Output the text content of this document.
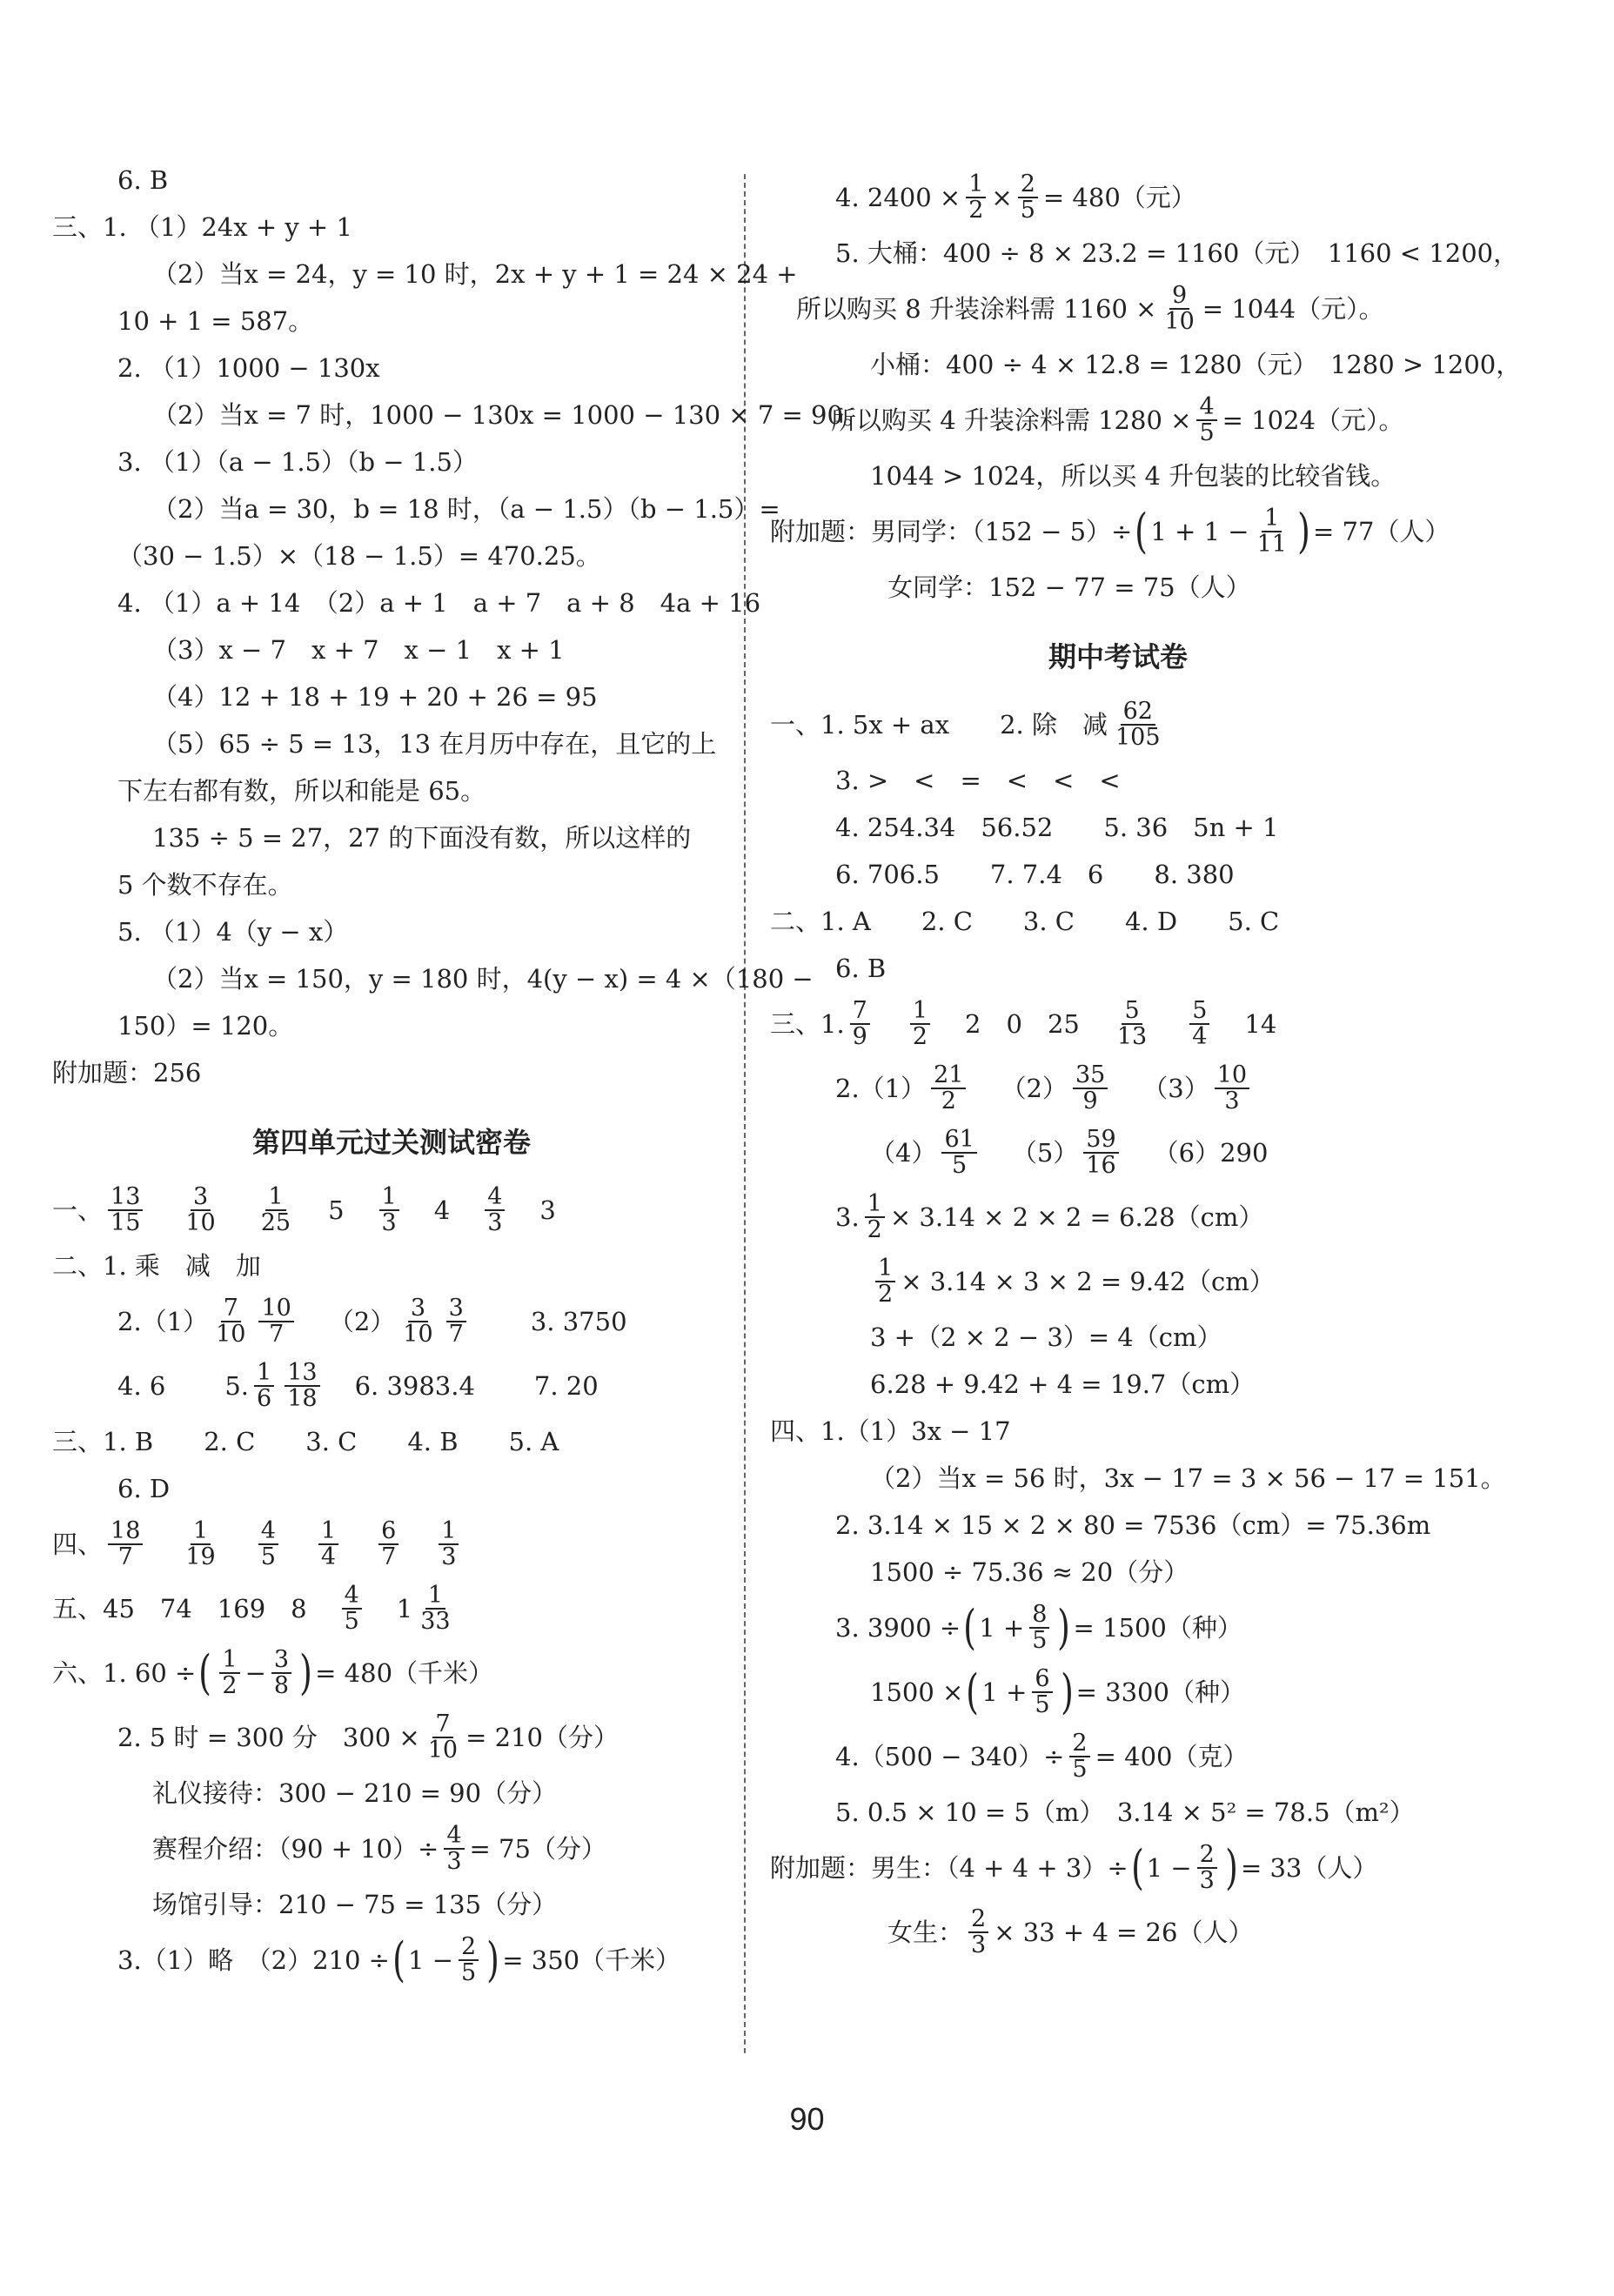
6. B
三、1. （1）24x + y + 1
（2）当x = 24，y = 10 时，2x + y + 1 = 24 × 24 +
10 + 1 = 587。
2. （1）1000 − 130x
（2）当x = 7 时，1000 − 130x = 1000 − 130 × 7 = 90。
3. （1）（a − 1.5）（b − 1.5）
（2）当a = 30，b = 18 时，（a − 1.5）（b − 1.5）=
（30 − 1.5）×（18 − 1.5）= 470.25。
4. （1）a + 14　（2）a + 1　a + 7　a + 8　4a + 16
（3）x − 7　x + 7　x − 1　x + 1
（4）12 + 18 + 19 + 20 + 26 = 95
（5）65 ÷ 5 = 13，13 在月历中存在，且它的上
下左右都有数，所以和能是 65。
135 ÷ 5 = 27，27 的下面没有数，所以这样的
5 个数不存在。
5. （1）4（y − x）
（2）当x = 150，y = 180 时，4(y − x) = 4 ×（180 −
150）= 120。
附加题：256
第四单元过关测试密卷
一、 $\frac{13}{15} \frac{3}{10} \frac{1}{25} 5 \frac{1}{3} 4 \frac{4}{3} 3$
二、1. 乘　减　加
$2.(1) \frac{7}{10} \frac{10}{7} (2) \frac{3}{10} \frac{3}{7}$	3. 3750
4. 6 5. $\frac{1}{6} \frac{13}{18} 6$. 3983.4 7. 20
三、1. B　　2. C　　3. C　　4. B　　5. A
6. D
四、 $\frac{18}{7} \frac{1}{19} \frac{4}{5} \frac{1}{4} \frac{6}{7} \frac{1}{3}$
五、45　74　169　$8 \frac{4}{5} 1 \frac{1}{33}$
六、1. 60 ÷ ( $\frac{1}{2} - \frac{3}{8}$ ) = 480（千米）
2. 5 时 = 300 分　$300 \times \frac{7}{10} = 210$（分）
礼仪接待：300 − 210 = 90（分）
赛程介绍：$(90 + 10)\div \frac{4}{3} = 75$（分）
场馆引导：210 − 75 = 135（分）
3.（1）略　（2）210 ÷ ( $1 - \frac{2}{5}$ ) = 350（千米）
4. $2400 \times \frac{1}{2} \times \frac{2}{5} = 480$（元）
5. 大桶：400 ÷ 8 × 23.2 = 1160（元）　1160 < 1200，
所以购买 8 升装涂料需 $1160 \times \frac{9}{10} = 1044$（元）。
小桶：400 ÷ 4 × 12.8 = 1280（元）　1280 > 1200，
所以购买 4 升装涂料需 $1280 \times \frac{4}{5} = 1024$（元）。
1044 > 1024，所以买 4 升包装的比较省钱。
附加题：男同学：（152 − 5）÷ ( $1 + 1 - \frac{1}{11}$ ) = 77（人）
女同学：152 − 77 = 75（人）
期中考试卷
一、1. 5x + ax　　2. 除　减 $\frac{62}{105}$
3. >　<　=　<　<　<
4. 254.34　56.52　　5. 36　5n + 1
6. 706.5　　7. 7.4　6　　8. 380
二、1. A　　2. C　　3. C　　4. D　　5. C
6. B
三、1. $\frac{7}{9} \frac{1}{2} 2$　0　$25 \frac{5}{13} \frac{5}{4} 14$
$2.(1) \frac{21}{2} (2) \frac{35}{9} (3) \frac{10}{3}$
$(4) \frac{61}{5} (5) \frac{59}{16} (6)290$
3. $\frac{1}{2} \times 3.14 \times 2 \times 2 = 6.28(cm)$
$\frac{1}{2} \times 3.14 \times 3 \times 2 = 9.42(cm)$
3 +（2 × 2 − 3）= 4（cm）
6.28 + 9.42 + 4 = 19.7（cm）
四、1.（1）3x − 17
（2）当x = 56 时，3x − 17 = 3 × 56 − 17 = 151。
2. 3.14 × 15 × 2 × 80 = 7536（cm）= 75.36m
1500 ÷ 75.36 ≈ 20（分）
3. 3900 ÷ ( $1 + \frac{8}{5}$ ) = 1500（种）
1500 × ( $1 + \frac{6}{5}$ ) = 3300（种）
$4.(500 - 340)\div \frac{2}{5} = 400$（克）
5. 0.5 × 10 = 5（m）　3.14 × 5² = 78.5（m²）
附加题：男生：（4 + 4 + 3）÷ ( $1 - \frac{2}{3}$ ) = 33（人）
女生： $\frac{2}{3} \times 33 + 4 = 26$（人）
90
